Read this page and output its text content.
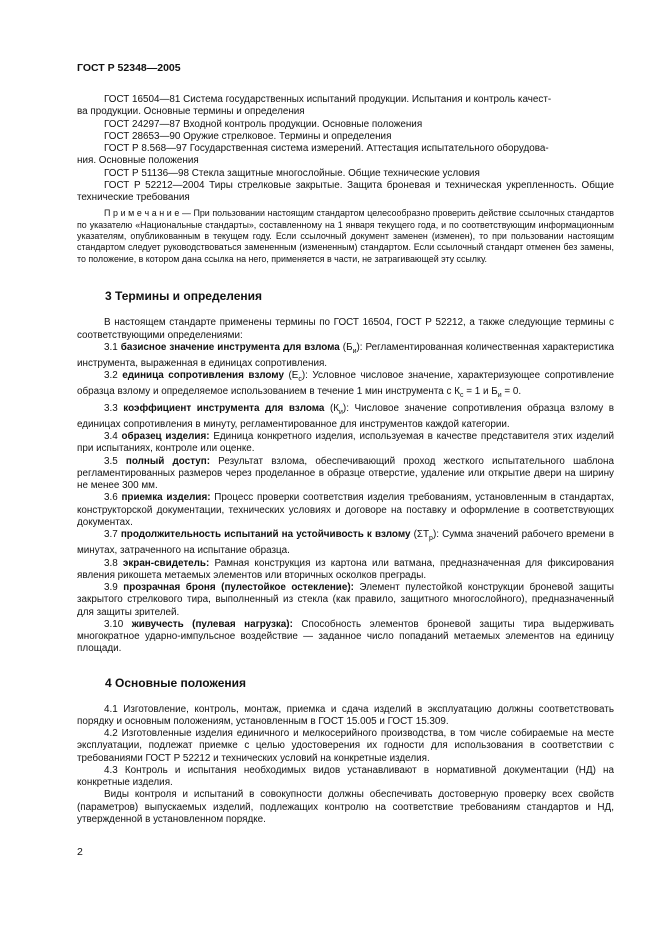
ГОСТ Р 52348—2005

ГОСТ 16504—81 Система государственных испытаний продукции. Испытания и контроль качест-

ва продукции. Основные термины и определения

ГОСТ 24297—87 Входной контроль продукции. Основные положения

ГОСТ 28653—90 Оружие стрелковое. Термины и определения

ГОСТ Р 8.568—97 Государственная система измерений. Аттестация испытательного оборудова-

ния. Основные положения

ГОСТ Р 51136—98 Стекла защитные многослойные. Общие технические условия

ГОСТ Р 52212—2004 Тиры стрелковые закрытые. Защита броневая и техническая укрепленность. Общие технические требования

П р и м е ч а н и е — При пользовании настоящим стандартом целесообразно проверить действие ссылочных стандартов по указателю «Национальные стандарты», составленному на 1 января текущего года, и по соответствующим информационным указателям, опубликованным в текущем году. Если ссылочный документ заменен (изменен), то при пользовании настоящим стандартом следует руководствоваться замененным (измененным) стандартом. Если ссылочный стандарт отменен без замены, то положение, в котором дана ссылка на него, применяется в части, не затрагивающей эту ссылку.

3 Термины и определения

В настоящем стандарте применены термины по ГОСТ 16504, ГОСТ Р 52212, а также следующие термины с соответствующими определениями:

3.1 базисное значение инструмента для взлома $(Б_и)$: Регламентированная количественная характеристика инструмента, выраженная в единицах сопротивления.

3.2 единица сопротивления взлому $(Е_с)$: Условное числовое значение, характеризующее сопротивление образца взлому и определяемое использованием в течение 1 мин инструмента с $К_с = 1$ и $Б_и = 0$.

3.3 коэффициент инструмента для взлома $(К_и)$: Числовое значение сопротивления образца взлому в единицах сопротивления в минуту, регламентированное для инструментов каждой категории.

3.4 образец изделия: Единица конкретного изделия, используемая в качестве представителя этих изделий при испытаниях, контроле или оценке.

3.5 полный доступ: Результат взлома, обеспечивающий проход жесткого испытательного шаблона регламентированных размеров через проделанное в образце отверстие, удаление или открытие двери на ширину не менее 300 мм.

3.6 приемка изделия: Процесс проверки соответствия изделия требованиям, установленным в стандартах, конструкторской документации, технических условиях и договоре на поставку и оформление в соответствующих документах.

3.7 продолжительность испытаний на устойчивость к взлому $(\Sigma Т_р)$: Сумма значений рабочего времени в минутах, затраченного на испытание образца.

3.8 экран-свидетель: Рамная конструкция из картона или ватмана, предназначенная для фиксирования явления рикошета метаемых элементов или вторичных осколков преграды.

3.9 прозрачная броня (пулестойкое остекление): Элемент пулестойкой конструкции броневой защиты закрытого стрелкового тира, выполненный из стекла (как правило, защитного многослойного), предназначенный для защиты зрителей.

3.10 живучесть (пулевая нагрузка): Способность элементов броневой защиты тира выдерживать многократное ударно-импульсное воздействие — заданное число попаданий метаемых элементов на единицу площади.

4 Основные положения

4.1 Изготовление, контроль, монтаж, приемка и сдача изделий в эксплуатацию должны соответствовать порядку и основным положениям, установленным в ГОСТ 15.005 и ГОСТ 15.309.

4.2 Изготовленные изделия единичного и мелкосерийного производства, в том числе собираемые на месте эксплуатации, подлежат приемке с целью удостоверения их годности для использования в соответствии с требованиями ГОСТ Р 52212 и технических условий на конкретные изделия.

4.3 Контроль и испытания необходимых видов устанавливают в нормативной документации (НД) на конкретные изделия.

Виды контроля и испытаний в совокупности должны обеспечивать достоверную проверку всех свойств (параметров) выпускаемых изделий, подлежащих контролю на соответствие требованиям стандартов и НД, утвержденной в установленном порядке.

2
